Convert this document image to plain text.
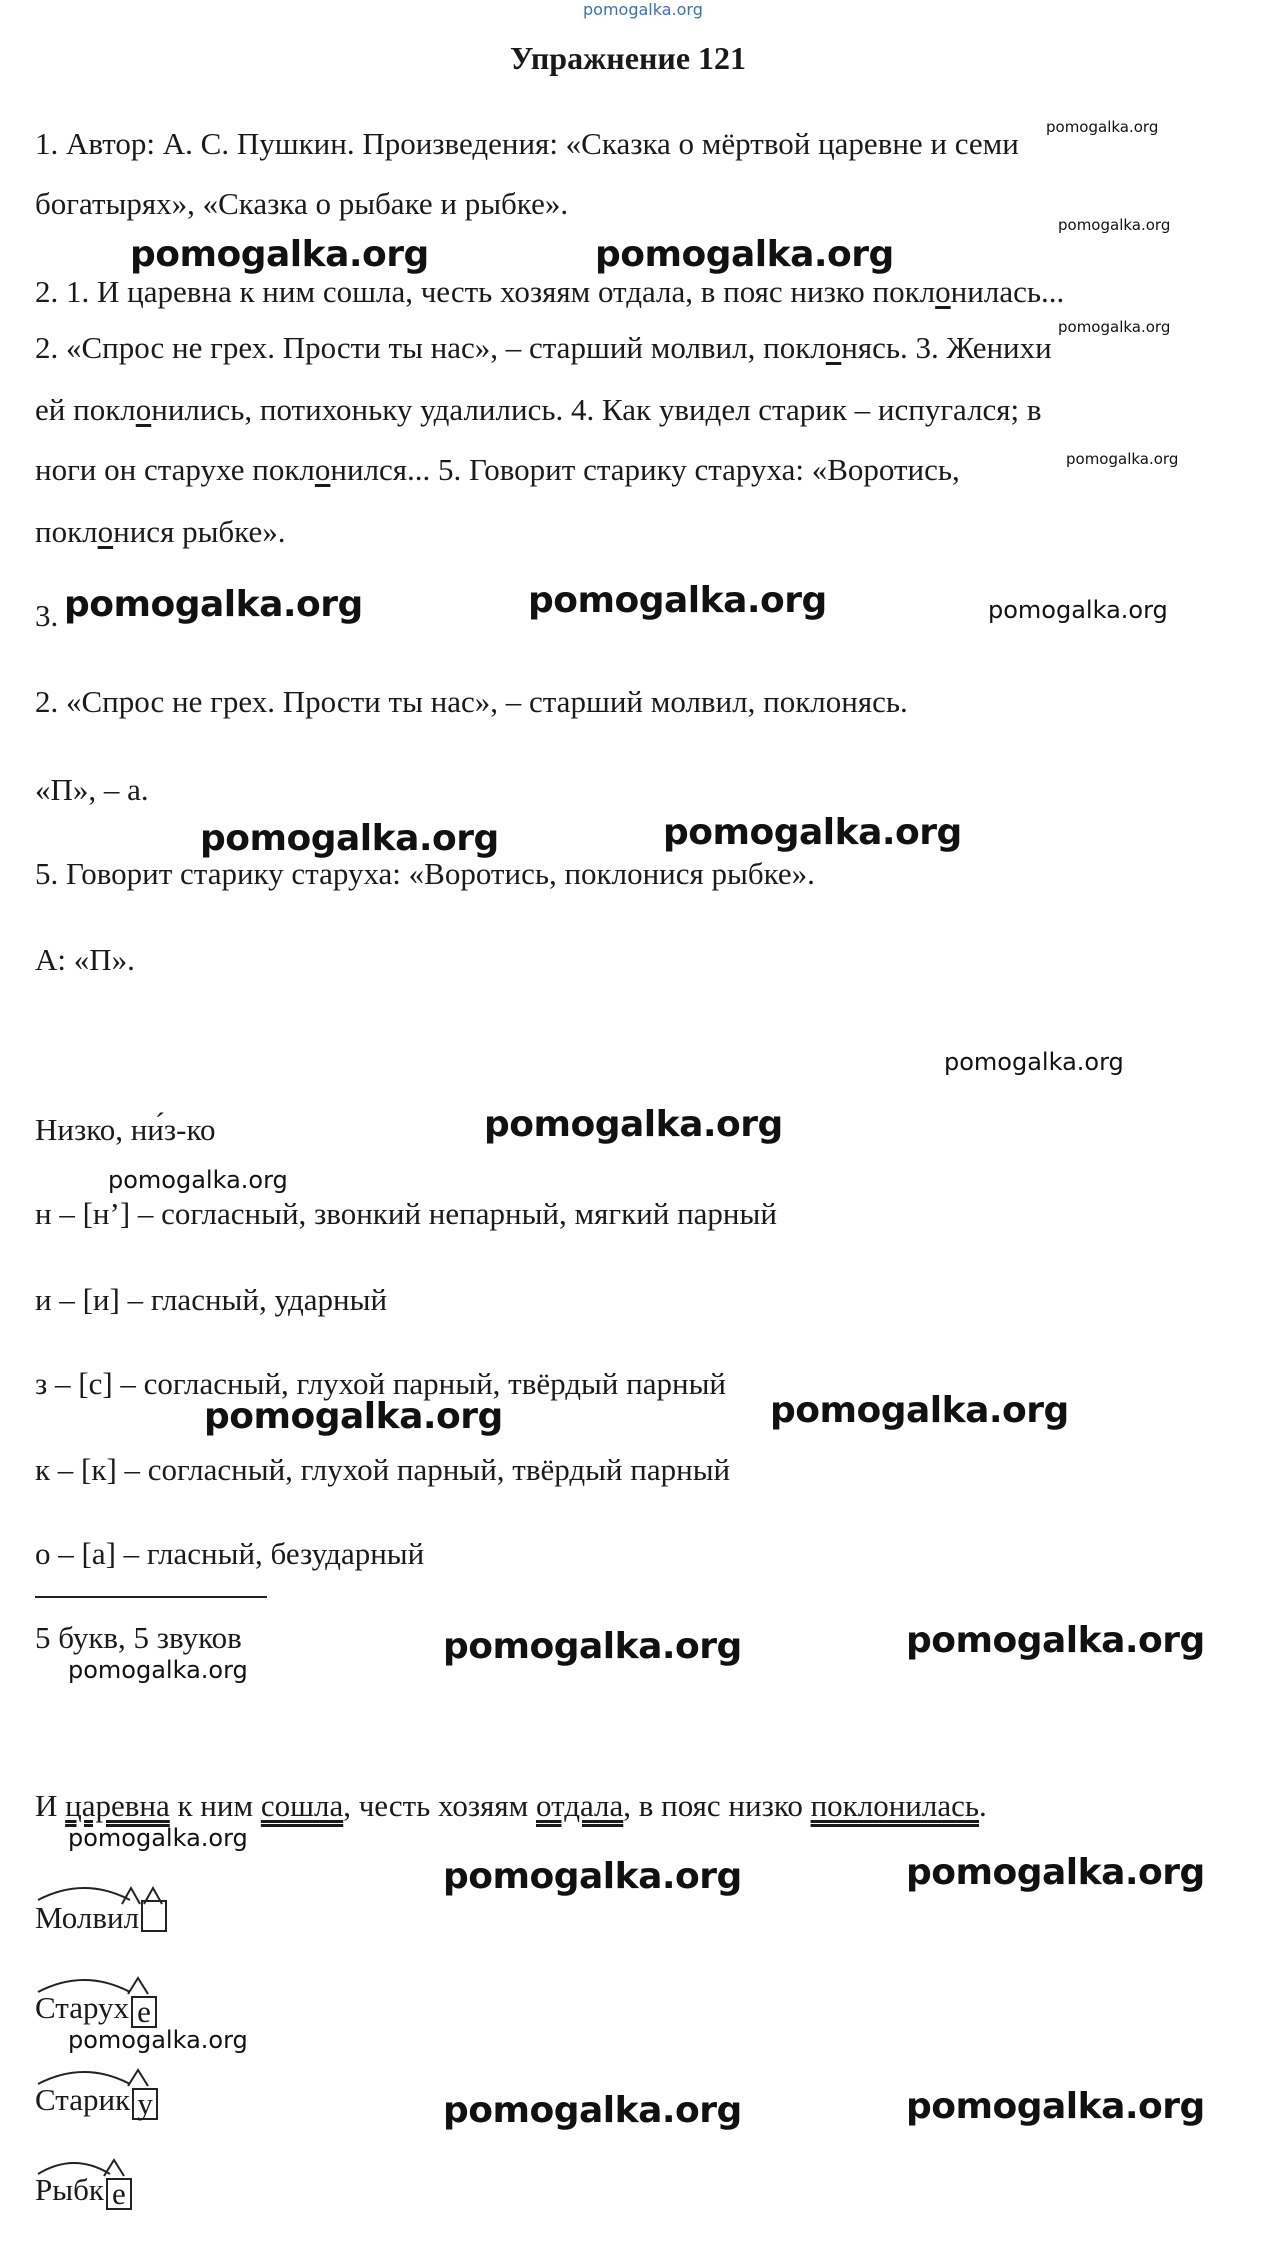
pomogalka.org
Упражнение 121
1. Автор: А. С. Пушкин. Произведения: «Сказка о мёртвой царевне и семи
богатырях», «Сказка о рыбаке и рыбке».
2. 1. И царевна к ним сошла, честь хозяям отдала, в пояс низко поклонилась...
2. «Спрос не грех. Прости ты нас», – старший молвил, поклонясь. 3. Женихи
ей поклонились, потихоньку удалились. 4. Как увидел старик – испугался; в
ноги он старухе поклонился... 5. Говорит старику старуха: «Воротись,
поклонися рыбке».
3.
2. «Спрос не грех. Прости ты нас», – старший молвил, поклонясь.
«П», – а.
5. Говорит старику старуха: «Воротись, поклонися рыбке».
А: «П».
Низко, ни́з-ко
н – [н’] – согласный, звонкий непарный, мягкий парный
и – [и] – гласный, ударный
з – [с] – согласный, глухой парный, твёрдый парный
к – [к] – согласный, глухой парный, твёрдый парный
о – [а] – гласный, безударный
5 букв, 5 звуков
И царевна к ним сошла, честь хозяям отдала, в пояс низко поклонилась.
Молвил
Старух е
Старик у
Рыбк е
pomogalka.org
pomogalka.org
pomogalka.org	pomogalka.org
pomogalka.org
pomogalka.org
pomogalka.org	pomogalka.org	pomogalka.org
pomogalka.org	pomogalka.org
pomogalka.org
pomogalka.org
pomogalka.org
pomogalka.org	pomogalka.org
pomogalka.org	pomogalka.org
pomogalka.org
pomogalka.org
pomogalka.org	pomogalka.org
pomogalka.org
pomogalka.org	pomogalka.org
